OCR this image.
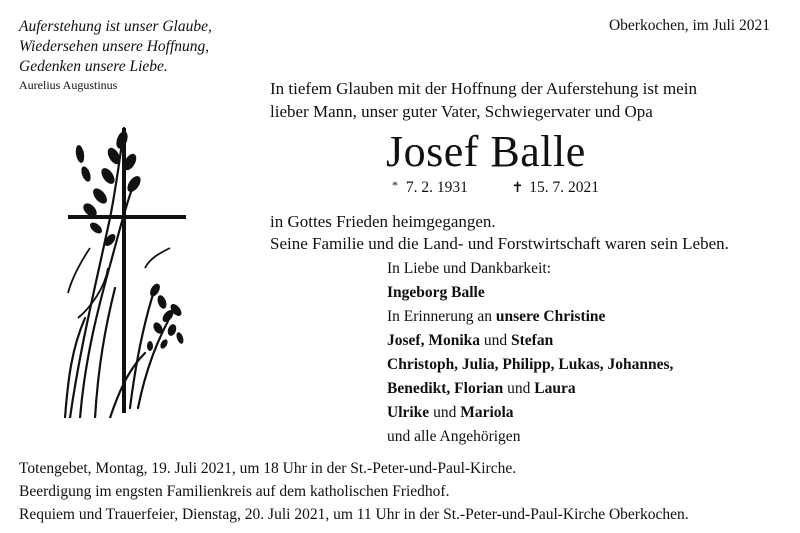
Auferstehung ist unser Glaube,
Wiedersehen unsere Hoffnung,
Gedenken unsere Liebe.
Aurelius Augustinus
Oberkochen, im Juli 2021
In tiefem Glauben mit der Hoffnung der Auferstehung ist mein
lieber Mann, unser guter Vater, Schwiegervater und Opa
Josef Balle
* 7. 2. 1931	✝ 15. 7. 2021
in Gottes Frieden heimgegangen.
Seine Familie und die Land- und Forstwirtschaft waren sein Leben.
In Liebe und Dankbarkeit:
Ingeborg Balle
In Erinnerung an unsere Christine
Josef, Monika und Stefan
Christoph, Julia, Philipp, Lukas, Johannes,
Benedikt, Florian und Laura
Ulrike und Mariola
und alle Angehörigen
Totengebet, Montag, 19. Juli 2021, um 18 Uhr in der St.-Peter-und-Paul-Kirche.
Beerdigung im engsten Familienkreis auf dem katholischen Friedhof.
Requiem und Trauerfeier, Dienstag, 20. Juli 2021, um 11 Uhr in der St.-Peter-und-Paul-Kirche Oberkochen.
